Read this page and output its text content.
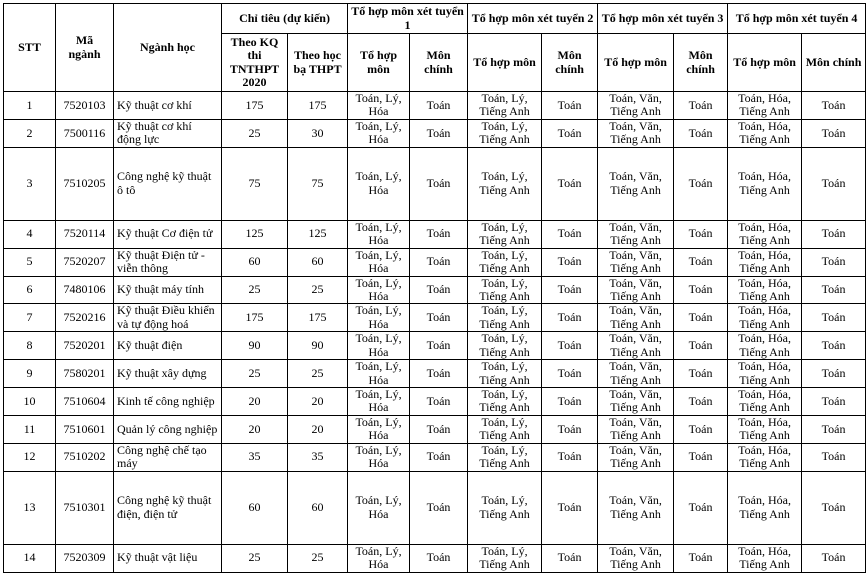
STT	Mã ngành	Ngành học	Chỉ tiêu (dự kiến)		Tổ hợp môn xét tuyển 1		Tổ hợp môn xét tuyển 2		Tổ hợp môn xét tuyển 3		Tổ hợp môn xét tuyển 4	
			Theo KQ thi TNTHPT 2020	Theo học bạ THPT	Tổ hợp môn	Môn chính	Tổ hợp môn	Môn chính	Tổ hợp môn	Môn chính	Tổ hợp môn	Môn chính
1	7520103	Kỹ thuật cơ khí	175	175	Toán, Lý, Hóa	Toán	Toán, Lý, Tiếng Anh	Toán	Toán, Văn, Tiếng Anh	Toán	Toán, Hóa, Tiếng Anh	Toán
2	7500116	Kỹ thuật cơ khí động lực	25	30	Toán, Lý, Hóa	Toán	Toán, Lý, Tiếng Anh	Toán	Toán, Văn, Tiếng Anh	Toán	Toán, Hóa, Tiếng Anh	Toán
3	7510205	Công nghệ kỹ thuật ô tô	75	75	Toán, Lý, Hóa	Toán	Toán, Lý, Tiếng Anh	Toán	Toán, Văn, Tiếng Anh	Toán	Toán, Hóa, Tiếng Anh	Toán
4	7520114	Kỹ thuật Cơ điện tử	125	125	Toán, Lý, Hóa	Toán	Toán, Lý, Tiếng Anh	Toán	Toán, Văn, Tiếng Anh	Toán	Toán, Hóa, Tiếng Anh	Toán
5	7520207	Kỹ thuật Điện tử - viễn thông	60	60	Toán, Lý, Hóa	Toán	Toán, Lý, Tiếng Anh	Toán	Toán, Văn, Tiếng Anh	Toán	Toán, Hóa, Tiếng Anh	Toán
6	7480106	Kỹ thuật máy tính	25	25	Toán, Lý, Hóa	Toán	Toán, Lý, Tiếng Anh	Toán	Toán, Văn, Tiếng Anh	Toán	Toán, Hóa, Tiếng Anh	Toán
7	7520216	Kỹ thuật Điều khiển và tự động hoá	175	175	Toán, Lý, Hóa	Toán	Toán, Lý, Tiếng Anh	Toán	Toán, Văn, Tiếng Anh	Toán	Toán, Hóa, Tiếng Anh	Toán
8	7520201	Kỹ thuật điện	90	90	Toán, Lý, Hóa	Toán	Toán, Lý, Tiếng Anh	Toán	Toán, Văn, Tiếng Anh	Toán	Toán, Hóa, Tiếng Anh	Toán
9	7580201	Kỹ thuật xây dựng	25	25	Toán, Lý, Hóa	Toán	Toán, Lý, Tiếng Anh	Toán	Toán, Văn, Tiếng Anh	Toán	Toán, Hóa, Tiếng Anh	Toán
10	7510604	Kinh tế công nghiệp	20	20	Toán, Lý, Hóa	Toán	Toán, Lý, Tiếng Anh	Toán	Toán, Văn, Tiếng Anh	Toán	Toán, Hóa, Tiếng Anh	Toán
11	7510601	Quản lý công nghiệp	20	20	Toán, Lý, Hóa	Toán	Toán, Lý, Tiếng Anh	Toán	Toán, Văn, Tiếng Anh	Toán	Toán, Hóa, Tiếng Anh	Toán
12	7510202	Công nghệ chế tạo máy	35	35	Toán, Lý, Hóa	Toán	Toán, Lý, Tiếng Anh	Toán	Toán, Văn, Tiếng Anh	Toán	Toán, Hóa, Tiếng Anh	Toán
13	7510301	Công nghệ kỹ thuật điện, điện tử	60	60	Toán, Lý, Hóa	Toán	Toán, Lý, Tiếng Anh	Toán	Toán, Văn, Tiếng Anh	Toán	Toán, Hóa, Tiếng Anh	Toán
14	7520309	Kỹ thuật vật liệu	25	25	Toán, Lý, Hóa	Toán	Toán, Lý, Tiếng Anh	Toán	Toán, Văn, Tiếng Anh	Toán	Toán, Hóa, Tiếng Anh	Toán
